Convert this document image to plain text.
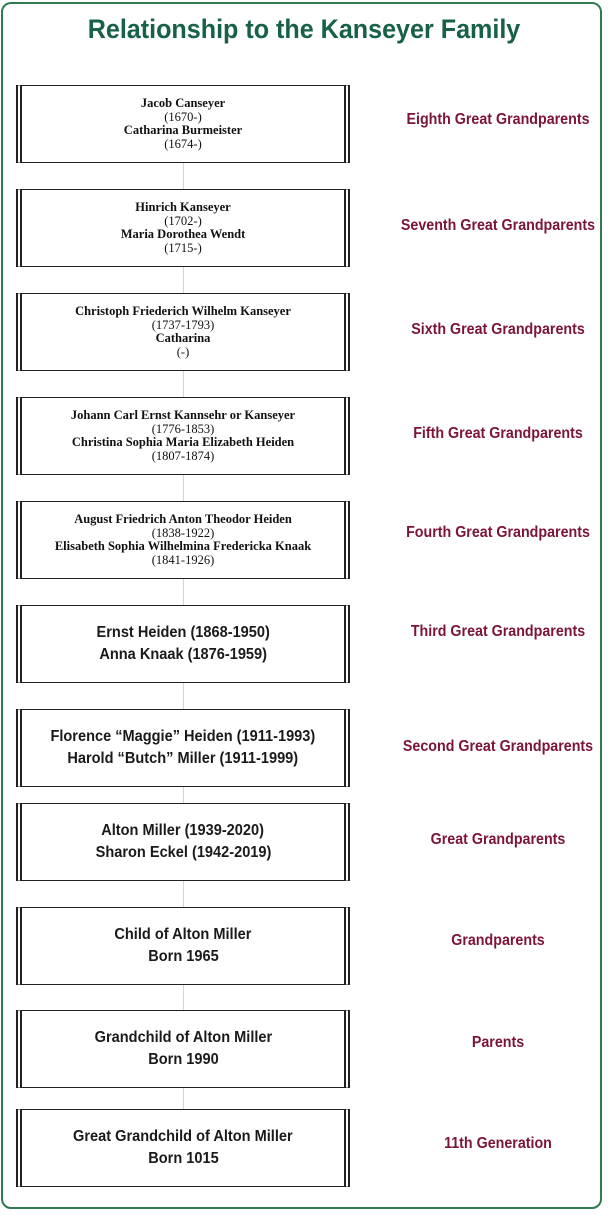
Relationship to the Kanseyer Family
Jacob Canseyer
(1670-)
Catharina Burmeister
(1674-)
Eighth Great Grandparents
Hinrich Kanseyer
(1702-)
Maria Dorothea Wendt
(1715-)
Seventh Great Grandparents
Christoph Friederich Wilhelm Kanseyer
(1737-1793)
Catharina
(-)
Sixth Great Grandparents
Johann Carl Ernst Kannsehr or Kanseyer
(1776-1853)
Christina Sophia Maria Elizabeth Heiden
(1807-1874)
Fifth Great Grandparents
August Friedrich Anton Theodor Heiden
(1838-1922)
Elisabeth Sophia Wilhelmina Fredericka Knaak
(1841-1926)
Fourth Great Grandparents
Ernst Heiden (1868-1950)
Anna Knaak (1876-1959)
Third Great Grandparents
Florence “Maggie” Heiden (1911-1993)
Harold “Butch” Miller (1911-1999)
Second Great Grandparents
Alton Miller (1939-2020)
Sharon Eckel (1942-2019)
Great Grandparents
Child of Alton Miller
Born 1965
Grandparents
Grandchild of Alton Miller
Born 1990
Parents
Great Grandchild of Alton Miller
Born 1015
11th Generation
